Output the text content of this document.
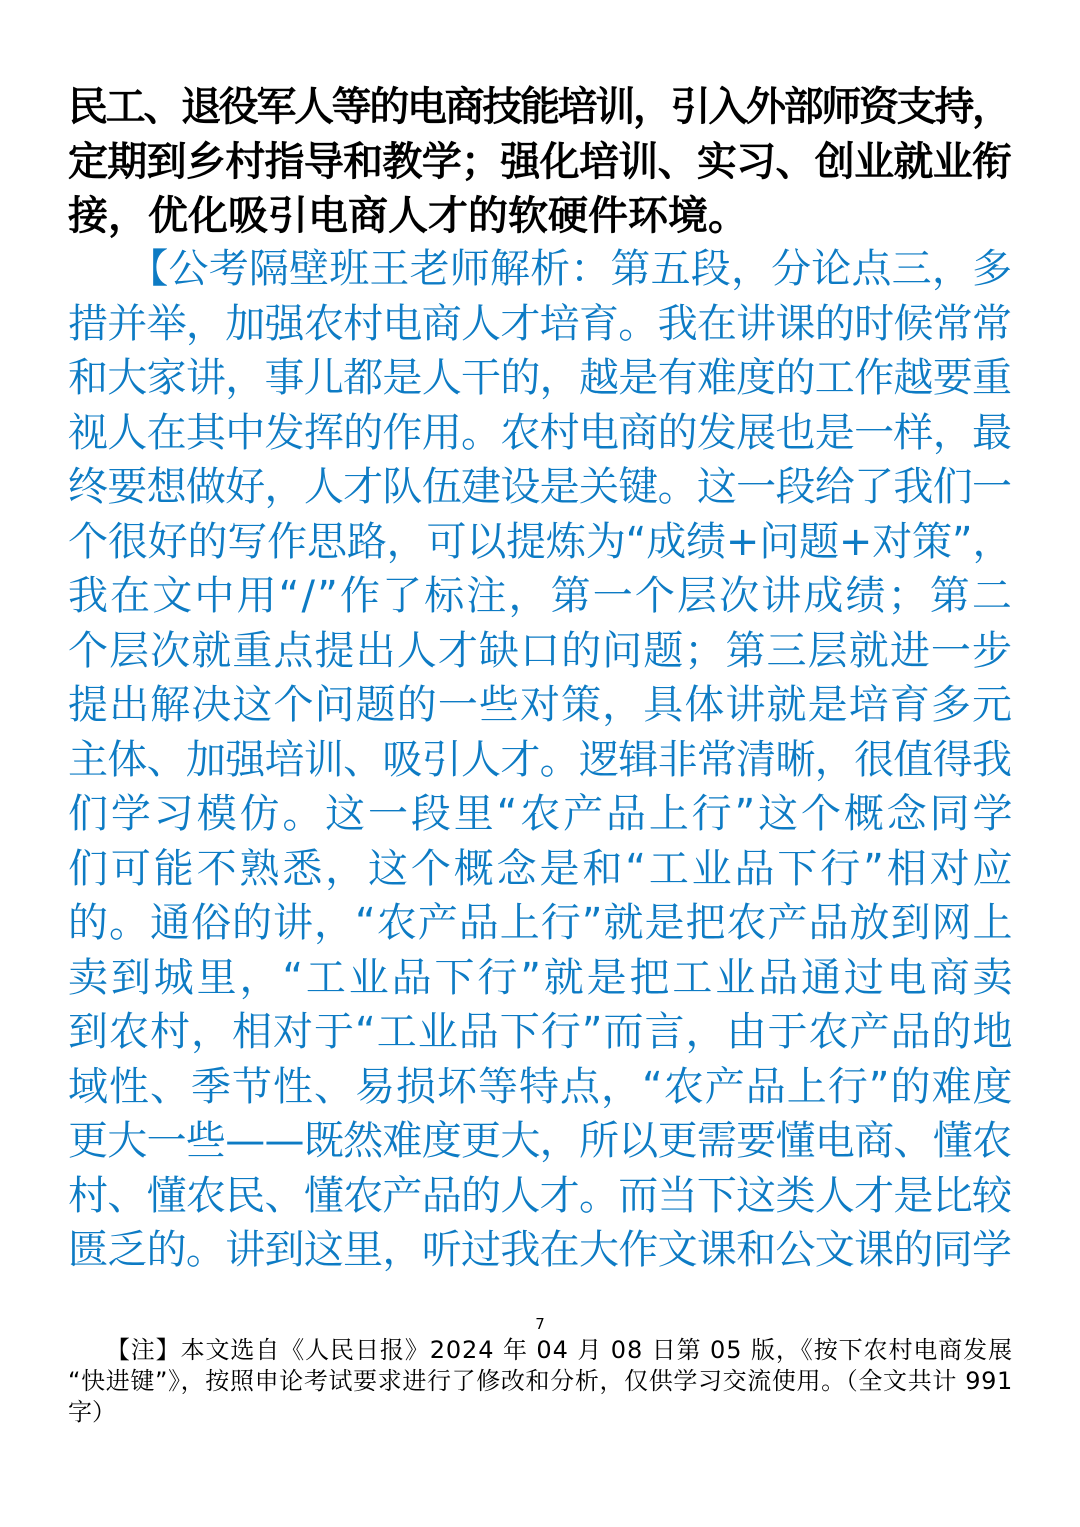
民工、退役军人等的电商技能培训，引入外部师资支持，
定期到乡村指导和教学；强化培训、实习、创业就业衔
接，优化吸引电商人才的软硬件环境。
　　【公考隔壁班王老师解析：第五段，分论点三，多
措并举，加强农村电商人才培育。我在讲课的时候常常
和大家讲，事儿都是人干的，越是有难度的工作越要重
视人在其中发挥的作用。农村电商的发展也是一样，最
终要想做好，人才队伍建设是关键。这一段给了我们一
个很好的写作思路，可以提炼为“成绩+问题+对策”，
我在文中用“/”作了标注，第一个层次讲成绩；第二
个层次就重点提出人才缺口的问题；第三层就进一步
提出解决这个问题的一些对策，具体讲就是培育多元
主体、加强培训、吸引人才。逻辑非常清晰，很值得我
们学习模仿。这一段里“农产品上行”这个概念同学
们可能不熟悉，这个概念是和“工业品下行”相对应
的。通俗的讲，“农产品上行”就是把农产品放到网上
卖到城里，“工业品下行”就是把工业品通过电商卖
到农村，相对于“工业品下行”而言，由于农产品的地
域性、季节性、易损坏等特点，“农产品上行”的难度
更大一些——既然难度更大，所以更需要懂电商、懂农
村、懂农民、懂农产品的人才。而当下这类人才是比较
匮乏的。讲到这里，听过我在大作文课和公文课的同学
7
　　【注】本文选自《人民日报》2024 年 04 月 08 日第 05 版，《按下农村电商发展
“快进键”》，按照申论考试要求进行了修改和分析，仅供学习交流使用。（全文共计 991
字）
